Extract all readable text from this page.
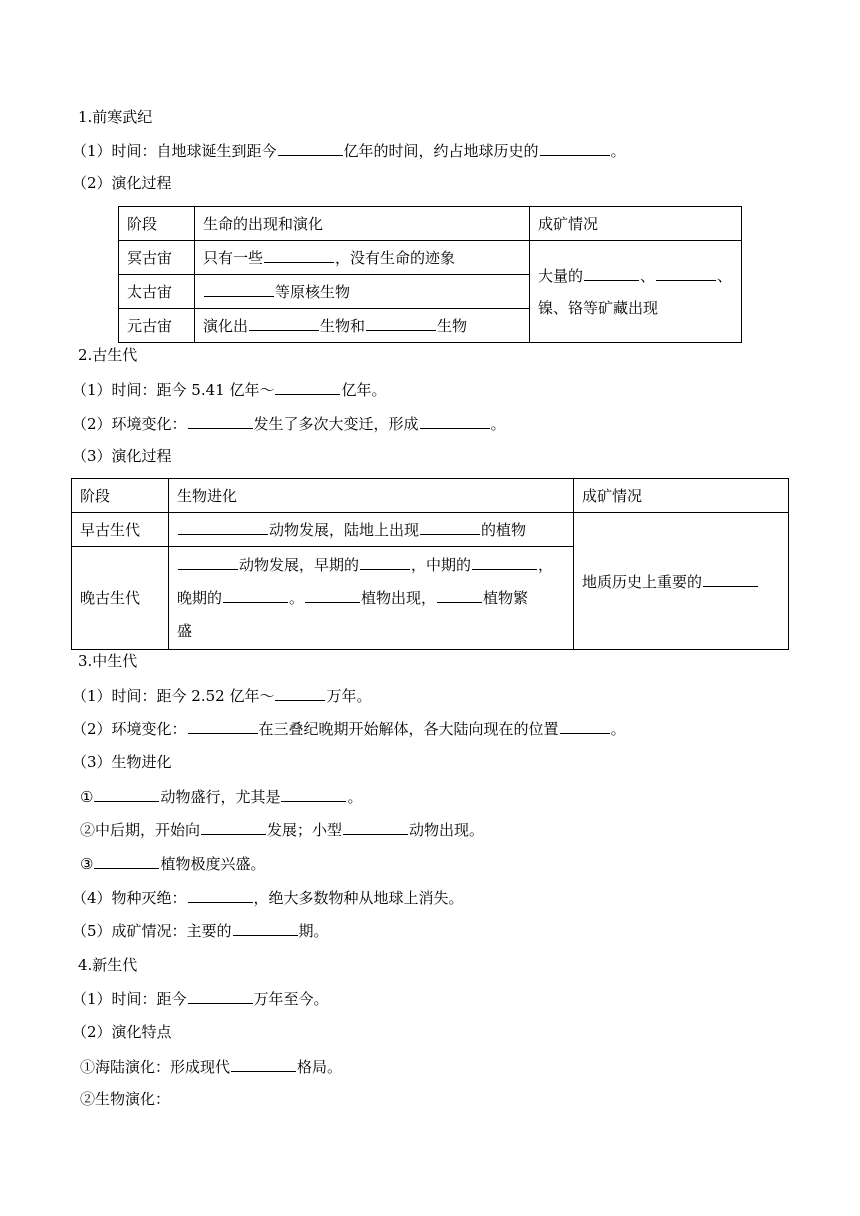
1.前寒武纪
（1）时间：自地球诞生到距今	亿年的时间，约占地球历史的	。
（2）演化过程
阶段	生命的出现和演化	成矿情况
冥古宙	只有一些 ，没有生命的迹象	大量的 、 、
镍、铬等矿藏出现
太古宙	等原核生物	
元古宙	演化出 生物和 生物	
2.古生代
（1）时间：距今 5.41 亿年～	亿年。
（2）环境变化：	发生了多次大变迁，形成	。
（3）演化过程
阶段	生物进化	成矿情况
早古生代	动物发展，陆地上出现 的植物	地质历史上重要的
晚古生代	动物发展，早期的 ，中期的 ，
晚期的 。 植物出现， 植物繁
盛	
3.中生代
（1）时间：距今 2.52 亿年～	万年。
（2）环境变化：	在三叠纪晚期开始解体，各大陆向现在的位置	。
（3）生物进化
①	动物盛行，尤其是	。
②中后期，开始向	发展；小型	动物出现。
③	植物极度兴盛。
（4）物种灭绝：	，绝大多数物种从地球上消失。
（5）成矿情况：主要的	期。
4.新生代
（1）时间：距今	万年至今。
（2）演化特点
①海陆演化：形成现代	格局。
②生物演化：
